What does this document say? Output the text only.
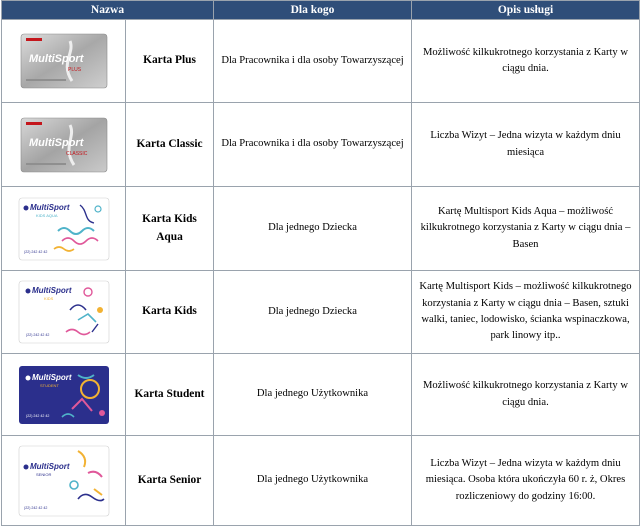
Nazwa		Dla kogo	Opis usługi

MultiSport
PLUS	Karta Plus	Dla Pracownika i dla osoby Towarzyszącej	Możliwość kilkukrotnego korzystania z Karty w ciągu dnia.

MultiSport
CLASSIC	Karta Classic	Dla Pracownika i dla osoby Towarzyszącej	Liczba Wizyt – Jedna wizyta w każdym dniu miesiąca

MultiSport
KIDS AQUA
(22) 242 42 42	Karta Kids Aqua	Dla jednego Dziecka	Kartę Multisport Kids Aqua – możliwość kilkukrotnego korzystania z Karty w ciągu dnia – Basen

MultiSport
KIDS
(22) 242 42 42	Karta Kids	Dla jednego Dziecka	Kartę Multisport Kids – możliwość kilkukrotnego korzystania z Karty w ciągu dnia – Basen, sztuki walki, taniec, lodowisko, ścianka wspinaczkowa, park linowy itp..

MultiSport
STUDENT
(22) 242 42 42	Karta Student	Dla jednego Użytkownika	Możliwość kilkukrotnego korzystania z Karty w ciągu dnia.

MultiSport
SENIOR
(22) 242 42 42	Karta Senior	Dla jednego Użytkownika	Liczba Wizyt – Jedna wizyta w każdym dniu miesiąca. Osoba która ukończyła 60 r. ż, Okres rozliczeniowy do godziny 16:00.
